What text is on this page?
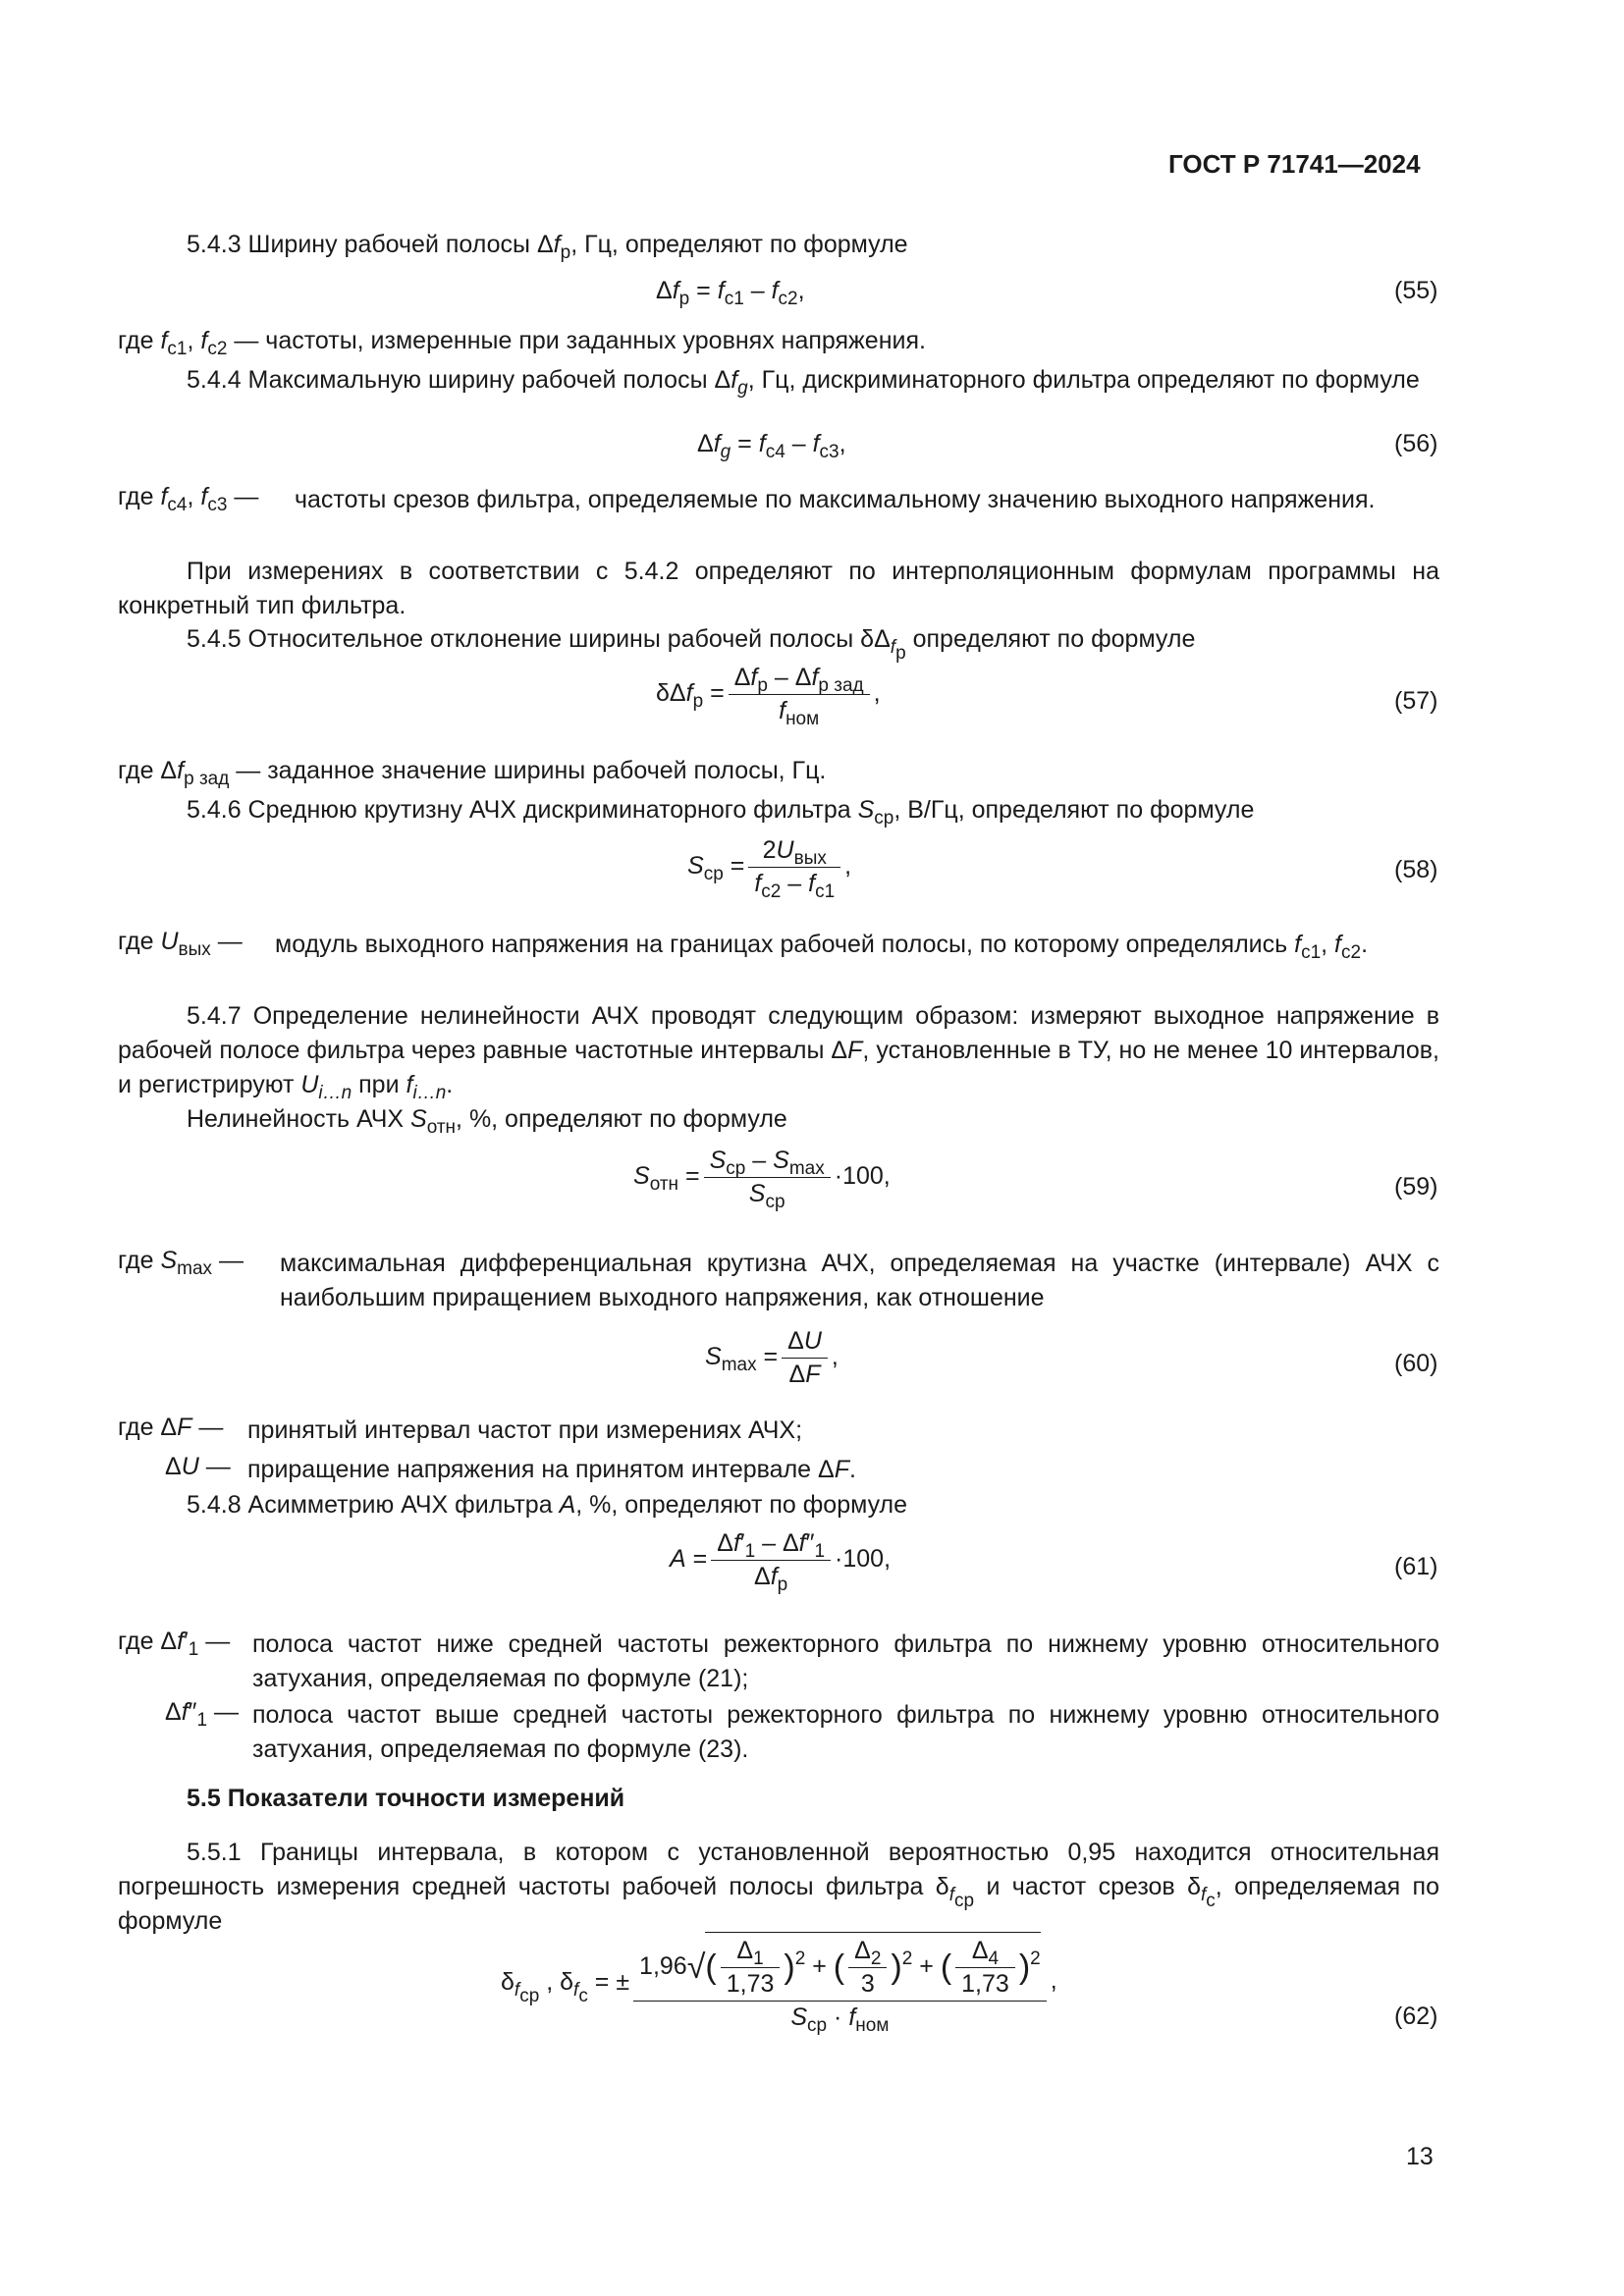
ГОСТ Р 71741—2024
5.4.3 Ширину рабочей полосы $\Delta f_р$, Гц, определяют по формуле
$\Delta f_р = f_{с1} - f_{с2}$,	(55)
где $f_{с1}$, $f_{с2}$ — частоты, измеренные при заданных уровнях напряжения.
5.4.4 Максимальную ширину рабочей полосы $\Delta f_g$, Гц, дискриминаторного фильтра определяют по формуле
$\Delta f_g = f_{с4} - f_{с3}$,	(56)
где $f_{с4}$, $f_{с3}$ — частоты срезов фильтра, определяемые по максимальному значению выходного напряжения.
При измерениях в соответствии с 5.4.2 определяют по интерполяционным формулам программы на конкретный тип фильтра.
5.4.5 Относительное отклонение ширины рабочей полосы $\delta\Delta_{f_р}$ определяют по формуле
$\delta\Delta f_р = \frac{\Delta f_р - \Delta f_{р зад}}{f_{ном}}$ ,	(57)
где $\Delta f_{р зад}$ — заданное значение ширины рабочей полосы, Гц.
5.4.6 Среднюю крутизну АЧХ дискриминаторного фильтра $S_{ср}$, В/Гц, определяют по формуле
$S_{ср} = \frac{2U_{вых}}{f_{с2} - f_{с1}}$ ,	(58)
где $U_{вых}$ — модуль выходного напряжения на границах рабочей полосы, по которому определялись $f_{с1}$, $f_{с2}$.
5.4.7 Определение нелинейности АЧХ проводят следующим образом: измеряют выходное напряжение в рабочей полосе фильтра через равные частотные интервалы ΔF, установленные в ТУ, но не менее 10 интервалов, и регистрируют $U_{i\dots n}$ при $f_{i\dots n}$.
Нелинейность АЧХ $S_{отн}$, %, определяют по формуле
$S_{отн} = \frac{S_{ср} - S_{max}}{S_{ср}} \cdot 100$,	(59)
где $S_{max}$ — максимальная дифференциальная крутизна АЧХ, определяемая на участке (интервале) АЧХ с наибольшим приращением выходного напряжения, как отношение
$S_{max} = \frac{\Delta U}{\Delta F}$ ,	(60)
где ΔF — принятый интервал частот при измерениях АЧХ;
ΔU — приращение напряжения на принятом интервале ΔF.
5.4.8 Асимметрию АЧХ фильтра A, %, определяют по формуле
$A = \frac{\Delta f'_1 - \Delta f''_1}{\Delta f_р} \cdot 100$,	(61)
где $\Delta f'_1$ — полоса частот ниже средней частоты режекторного фильтра по нижнему уровню относительного затухания, определяемая по формуле (21);
$\Delta f''_1$ — полоса частот выше средней частоты режекторного фильтра по нижнему уровню относительного затухания, определяемая по формуле (23).
5.5 Показатели точности измерений
5.5.1 Границы интервала, в котором с установленной вероятностью 0,95 находится относительная погрешность измерения средней частоты рабочей полосы фильтра $\delta_{f_{ср}}$ и частот срезов $\delta_{f_с}$, определяемая по формуле
$\delta_{f_{ср}}$ , $\delta_{f_с}$ = ± $\frac{1,96√( \frac{\Delta_1}{1,73} )^2 + ( \frac{\Delta_2}{3} )^2 + ( \frac{\Delta_4}{1,73} )^2}{S_{ср} \cdot f_{ном}}$ ,
(62)
13
